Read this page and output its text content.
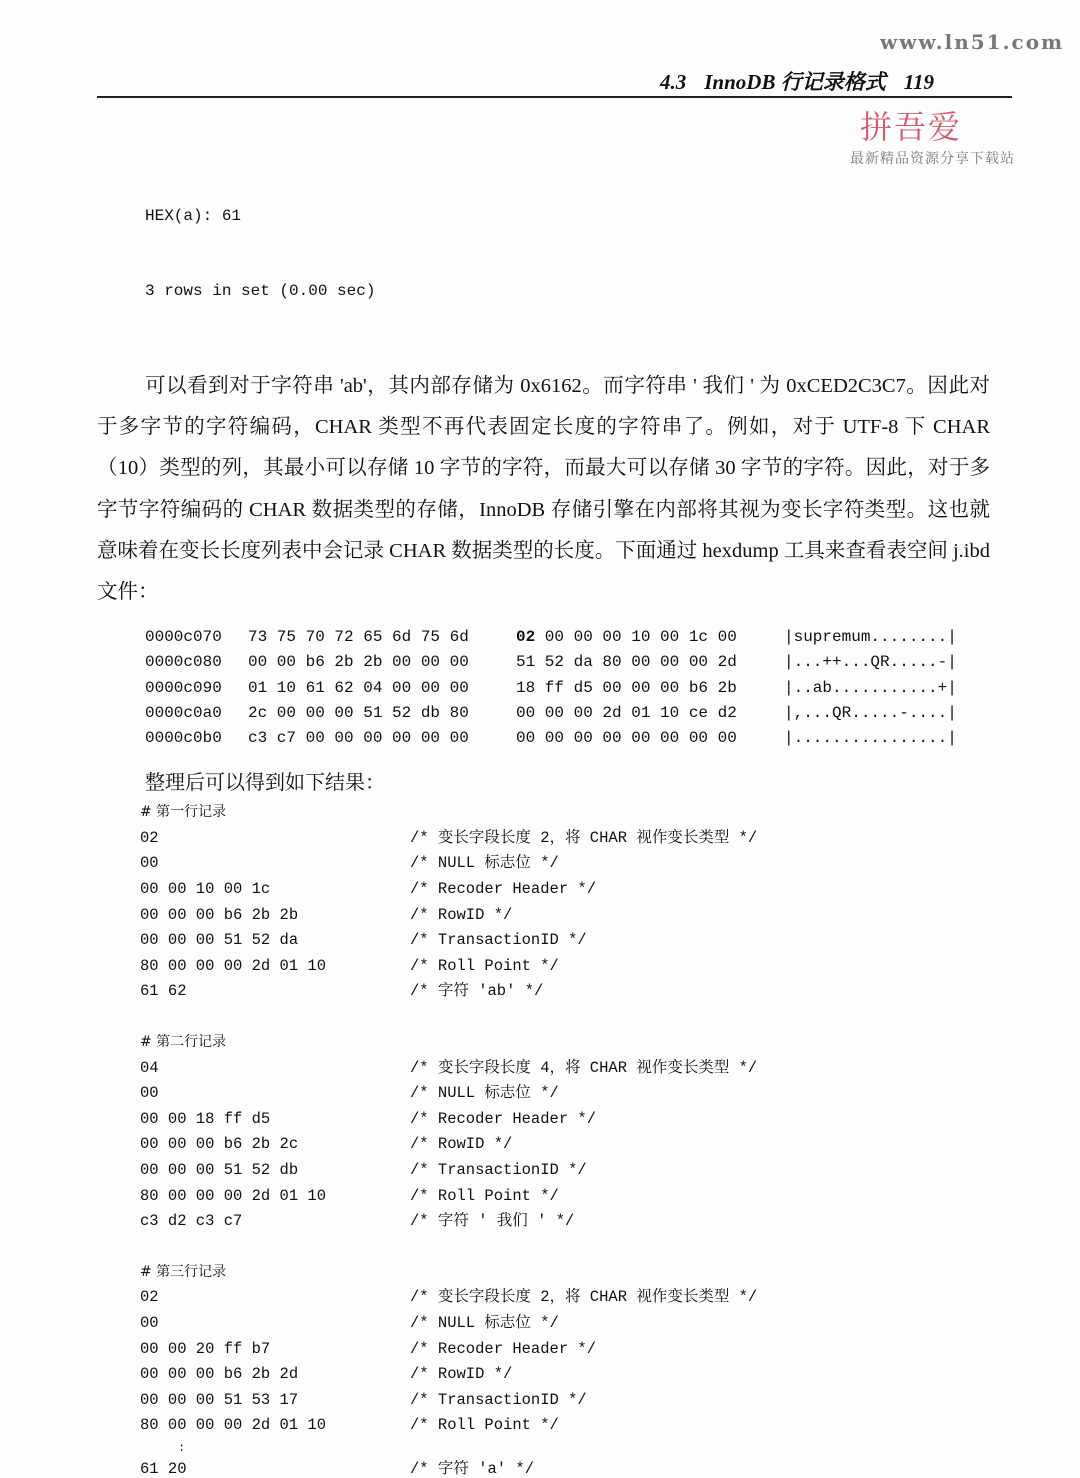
www.ln51.com
4.3 InnoDB 行记录格式 119
拼吾爱
最新精品资源分享下载站

HEX(a): 61

3 rows in set (0.00 sec)

可以看到对于字符串 'ab'，其内部存储为 0x6162。而字符串 ' 我们 ' 为 0xCED2C3C7。因此对于多字节的字符编码，CHAR 类型不再代表固定长度的字符串了。例如，对于 UTF-8 下 CHAR（10）类型的列，其最小可以存储 10 字节的字符，而最大可以存储 30 字节的字符。因此，对于多字节字符编码的 CHAR 数据类型的存储，InnoDB 存储引擎在内部将其视为变长字符类型。这也就意味着在变长长度列表中会记录 CHAR 数据类型的长度。下面通过 hexdump 工具来查看表空间 j.ibd 文件：
0000c070	73 75 70 72 65 6d 75 6d	02 00 00 00 10 00 1c 00	|supremum........|
0000c080	00 00 b6 2b 2b 00 00 00	51 52 da 80 00 00 00 2d	|...++...QR.....-|
0000c090	01 10 61 62 04 00 00 00	18 ff d5 00 00 00 b6 2b	|..ab...........+|
0000c0a0	2c 00 00 00 51 52 db 80	00 00 00 2d 01 10 ce d2	|,...QR.....-....|
0000c0b0	c3 c7 00 00 00 00 00 00	00 00 00 00 00 00 00 00	|................|
整理后可以得到如下结果：
# 第一行记录
02	/* 变长字段长度 2，将 CHAR 视作变长类型 */
00	/* NULL 标志位 */
00 00 10 00 1c	/* Recoder Header */
00 00 00 b6 2b 2b	/* RowID */
00 00 00 51 52 da	/* TransactionID */
80 00 00 00 2d 01 10	/* Roll Point */
61 62	/* 字符 'ab' */
# 第二行记录
04	/* 变长字段长度 4，将 CHAR 视作变长类型 */
00	/* NULL 标志位 */
00 00 18 ff d5	/* Recoder Header */
00 00 00 b6 2b 2c	/* RowID */
00 00 00 51 52 db	/* TransactionID */
80 00 00 00 2d 01 10	/* Roll Point */
c3 d2 c3 c7	/* 字符 ' 我们 ' */
# 第三行记录
02	/* 变长字段长度 2，将 CHAR 视作变长类型 */
00	/* NULL 标志位 */
00 00 20 ff b7	/* Recoder Header */
00 00 00 b6 2b 2d	/* RowID */
00 00 00 51 53 17	/* TransactionID */
80 00 00 00 2d 01 10	/* Roll Point */
:
61 20	/* 字符 'a' */
